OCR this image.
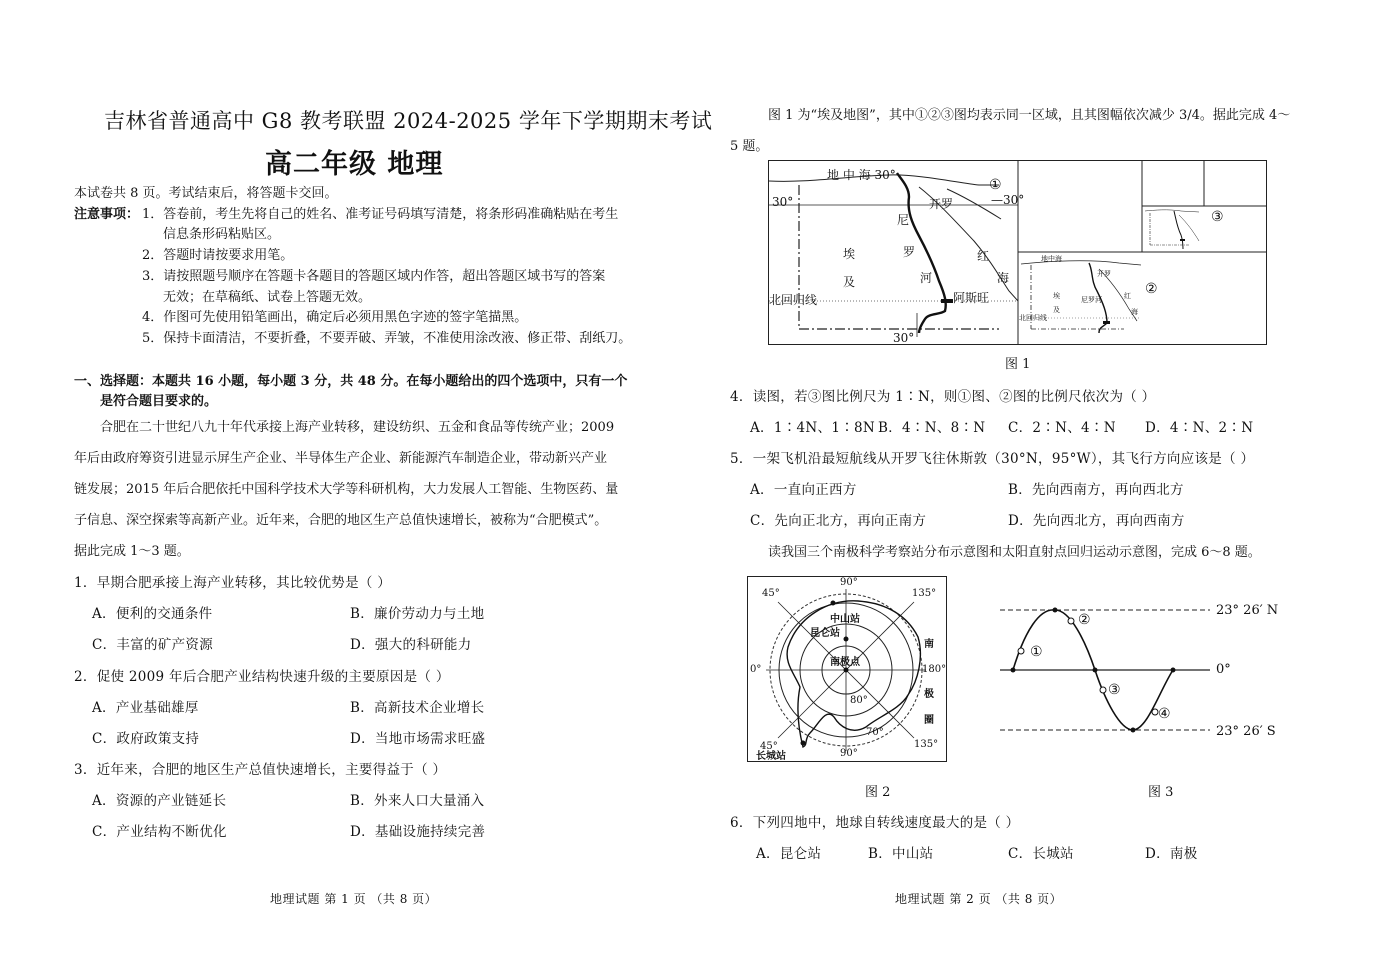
吉林省普通高中 G8 教考联盟 2024-2025 学年下学期期末考试
高二年级 地理
本试卷共 8 页。考试结束后，将答题卡交回。
注意事项： 1．答卷前，考生先将自己的姓名、准考证号码填写清楚，将条形码准确粘贴在考生
信息条形码粘贴区。
2．答题时请按要求用笔。
3．请按照题号顺序在答题卡各题目的答题区域内作答，超出答题区域书写的答案
无效；在草稿纸、试卷上答题无效。
4．作图可先使用铅笔画出，确定后必须用黑色字迹的签字笔描黑。
5．保持卡面清洁，不要折叠，不要弄破、弄皱，不准使用涂改液、修正带、刮纸刀。
一、选择题：本题共 16 小题，每小题 3 分，共 48 分。在每小题给出的四个选项中，只有一个
是符合题目要求的。
合肥在二十世纪八九十年代承接上海产业转移，建设纺织、五金和食品等传统产业；2009
年后由政府筹资引进显示屏生产企业、半导体生产企业、新能源汽车制造企业，带动新兴产业
链发展；2015 年后合肥依托中国科学技术大学等科研机构，大力发展人工智能、生物医药、量
子信息、深空探索等高新产业。近年来，合肥的地区生产总值快速增长，被称为“合肥模式”。
据此完成 1～3 题。
1．早期合肥承接上海产业转移，其比较优势是（ ）
A．便利的交通条件	B．廉价劳动力与土地
C．丰富的矿产资源	D．强大的科研能力
2．促使 2009 年后合肥产业结构快速升级的主要原因是（ ）
A．产业基础雄厚	B．高新技术企业增长
C．政府政策支持	D．当地市场需求旺盛
3．近年来，合肥的地区生产总值快速增长，主要得益于（ ）
A．资源的产业链延长	B．外来人口大量涌入
C．产业结构不断优化	D．基础设施持续完善
地理试题 第 1 页 （共 8 页）
图 1 为“埃及地图”，其中①②③图均表示同一区域，且其图幅依次减少 3/4。据此完成 4～
5 题。
地 中 海 30°
30°	—30°
①
开罗
尼
罗
河
埃
及
红
海
阿斯旺
北回归线
30°
②
③
地中海
开罗
埃
及
尼罗河	红
海
北回归线
图 1
4．读图，若③图比例尺为 1∶N，则①图、②图的比例尺依次为（ ）
A．1∶4N、1∶8N B．4∶N、8∶N C．2∶N、4∶N D．4∶N、2∶N
5．一架飞机沿最短航线从开罗飞往休斯敦（30°N，95°W），其飞行方向应该是（ ）
A．一直向正西方	B．先向西南方，再向西北方
C．先向正北方，再向正南方	D．先向西北方，再向西南方
读我国三个南极科学考察站分布示意图和太阳直射点回归运动示意图，完成 6～8 题。
90°
45°	135°
0°	180°
45°
90°
135°
80°
70°
中山站
昆仑站
南极点
长城站
南
极
圈
图 2
①
②
③
④
23° 26′ N
0°
23° 26′ S
图 3
6．下列四地中，地球自转线速度最大的是（ ）
A．昆仑站	B．中山站	C．长城站	D．南极
地理试题 第 2 页 （共 8 页）
